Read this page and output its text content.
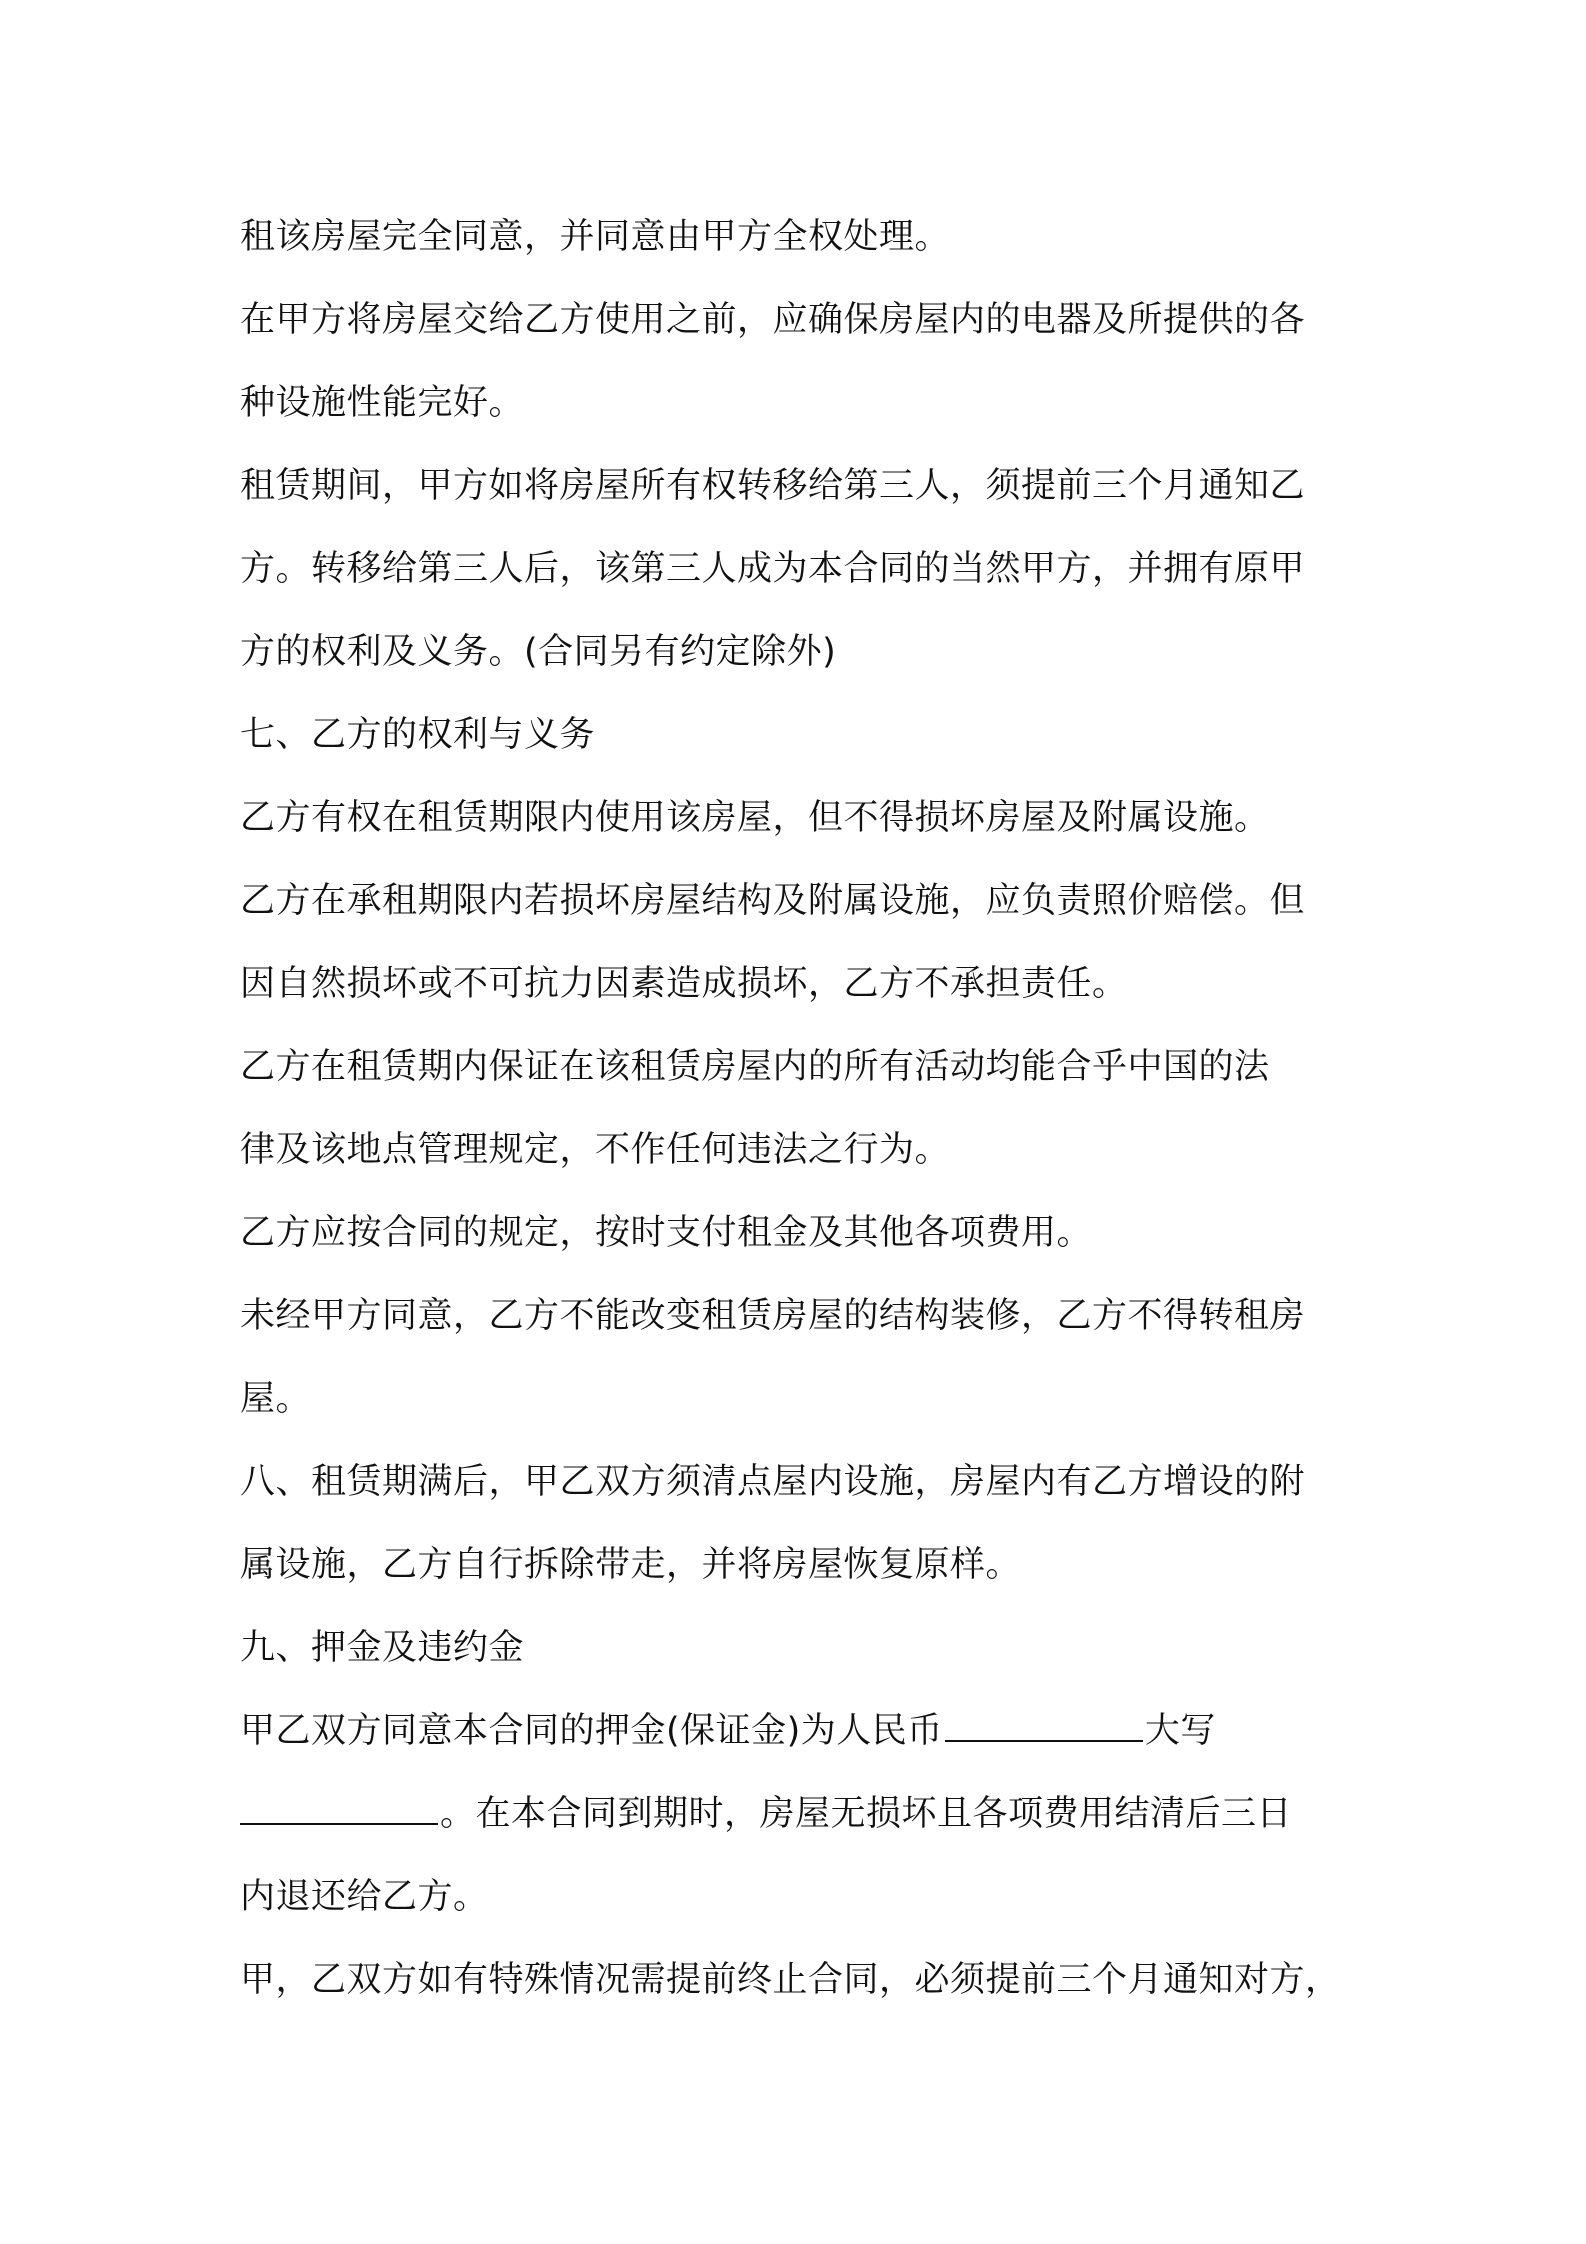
租该房屋完全同意，并同意由甲方全权处理。
在甲方将房屋交给乙方使用之前，应确保房屋内的电器及所提供的各
种设施性能完好。
租赁期间，甲方如将房屋所有权转移给第三人，须提前三个月通知乙
方。转移给第三人后，该第三人成为本合同的当然甲方，并拥有原甲
方的权利及义务。(合同另有约定除外)
七、乙方的权利与义务
乙方有权在租赁期限内使用该房屋，但不得损坏房屋及附属设施。
乙方在承租期限内若损坏房屋结构及附属设施，应负责照价赔偿。但
因自然损坏或不可抗力因素造成损坏，乙方不承担责任。
乙方在租赁期内保证在该租赁房屋内的所有活动均能合乎中国的法
律及该地点管理规定，不作任何违法之行为。
乙方应按合同的规定，按时支付租金及其他各项费用。
未经甲方同意，乙方不能改变租赁房屋的结构装修，乙方不得转租房
屋。
八、租赁期满后，甲乙双方须清点屋内设施，房屋内有乙方增设的附
属设施，乙方自行拆除带走，并将房屋恢复原样。
九、押金及违约金
甲乙双方同意本合同的押金(保证金)为人民币	大写
。在本合同到期时，房屋无损坏且各项费用结清后三日
内退还给乙方。
甲，乙双方如有特殊情况需提前终止合同，必须提前三个月通知对方，
